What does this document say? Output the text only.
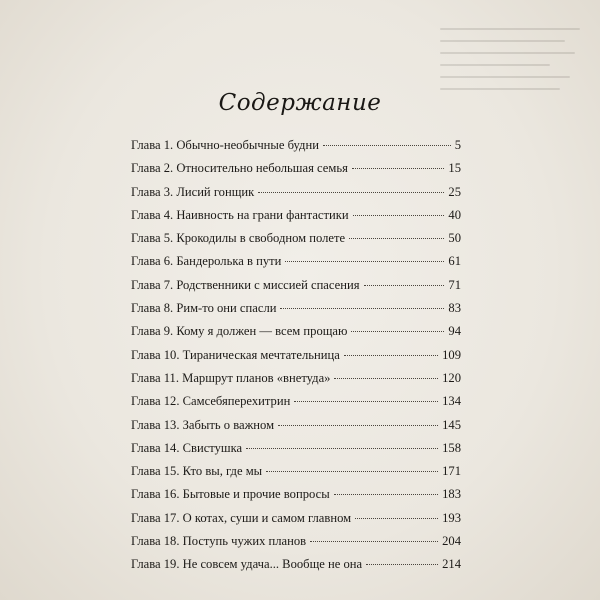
Содержание
Глава 1. Обычно-необычные будни	5
Глава 2. Относительно небольшая семья	15
Глава 3. Лисий гонщик	25
Глава 4. Наивность на грани фантастики	40
Глава 5. Крокодилы в свободном полете	50
Глава 6. Бандеролька в пути	61
Глава 7. Родственники с миссией спасения	71
Глава 8. Рим-то они спасли	83
Глава 9. Кому я должен — всем прощаю	94
Глава 10. Тираническая мечтательница	109
Глава 11. Маршрут планов «внетуда»	120
Глава 12. Самсебяперехитрин	134
Глава 13. Забыть о важном	145
Глава 14. Свистушка	158
Глава 15. Кто вы, где мы	171
Глава 16. Бытовые и прочие вопросы	183
Глава 17. О котах, суши и самом главном	193
Глава 18. Поступь чужих планов	204
Глава 19. Не совсем удача... Вообще не она	214
